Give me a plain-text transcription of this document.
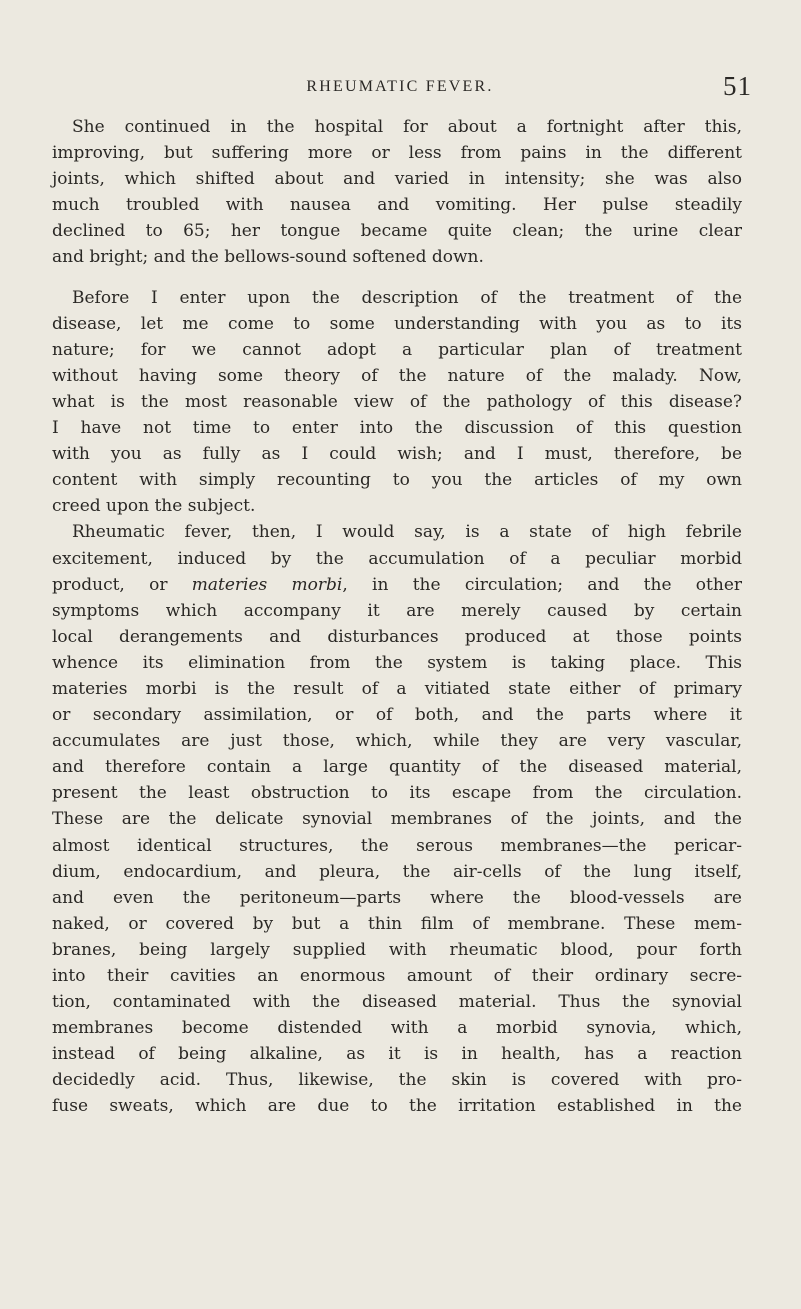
RHEUMATIC FEVER.	51
She continued in the hospital for about a fortnight after this,
improving, but suffering more or less from pains in the different
joints, which shifted about and varied in intensity; she was also
much troubled with nausea and vomiting. Her pulse steadily
declined to 65; her tongue became quite clean; the urine clear
and bright; and the bellows-sound softened down.
Before I enter upon the description of the treatment of the
disease, let me come to some understanding with you as to its
nature; for we cannot adopt a particular plan of treatment
without having some theory of the nature of the malady. Now,
what is the most reasonable view of the pathology of this disease?
I have not time to enter into the discussion of this question
with you as fully as I could wish; and I must, therefore, be
content with simply recounting to you the articles of my own
creed upon the subject.
Rheumatic fever, then, I would say, is a state of high febrile
excitement, induced by the accumulation of a peculiar morbid
product, or materies morbi, in the circulation; and the other
symptoms which accompany it are merely caused by certain
local derangements and disturbances produced at those points
whence its elimination from the system is taking place. This
materies morbi is the result of a vitiated state either of primary
or secondary assimilation, or of both, and the parts where it
accumulates are just those, which, while they are very vascular,
and therefore contain a large quantity of the diseased material,
present the least obstruction to its escape from the circulation.
These are the delicate synovial membranes of the joints, and the
almost identical structures, the serous membranes—the pericar-
dium, endocardium, and pleura, the air-cells of the lung itself,
and even the peritoneum—parts where the blood-vessels are
naked, or covered by but a thin film of membrane. These mem-
branes, being largely supplied with rheumatic blood, pour forth
into their cavities an enormous amount of their ordinary secre-
tion, contaminated with the diseased material. Thus the synovial
membranes become distended with a morbid synovia, which,
instead of being alkaline, as it is in health, has a reaction
decidedly acid. Thus, likewise, the skin is covered with pro-
fuse sweats, which are due to the irritation established in the
